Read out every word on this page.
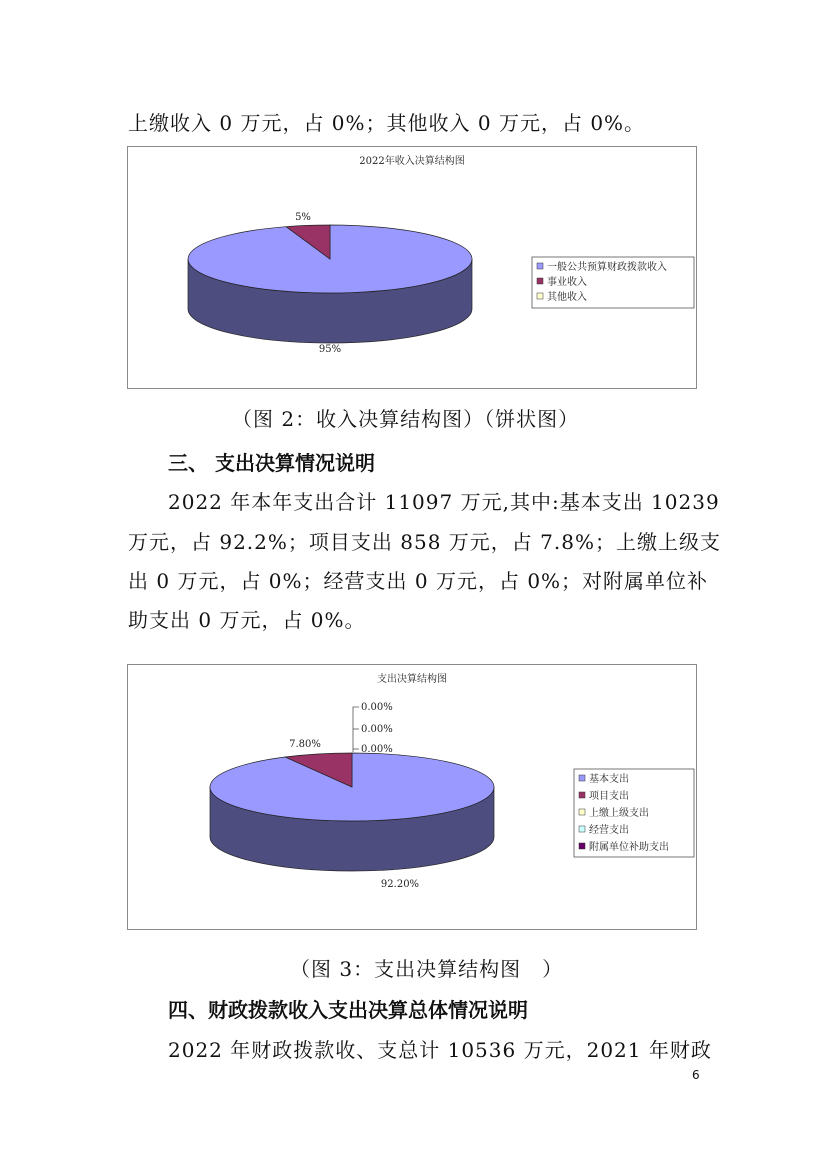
上缴收入 0 万元，占 0%；其他收入 0 万元，占 0%。
2022年收入决算结构图
95%
5%
一般公共预算财政拨款收入
事业收入
其他收入
（图 2：收入决算结构图）（饼状图）
三、 支出决算情况说明
2022 年本年支出合计 11097 万元,其中:基本支出 10239
万元，占 92.2%；项目支出 858 万元，占 7.8%；上缴上级支
出 0 万元，占 0%；经营支出 0 万元，占 0%；对附属单位补
助支出 0 万元，占 0%。
支出决算结构图
92.20%
7.80%
0.00%
0.00%
0.00%
基本支出
项目支出
上缴上级支出
经营支出
附属单位补助支出
（图 3：支出决算结构图　）
四、财政拨款收入支出决算总体情况说明
2022 年财政拨款收、支总计 10536 万元，2021 年财政
6
